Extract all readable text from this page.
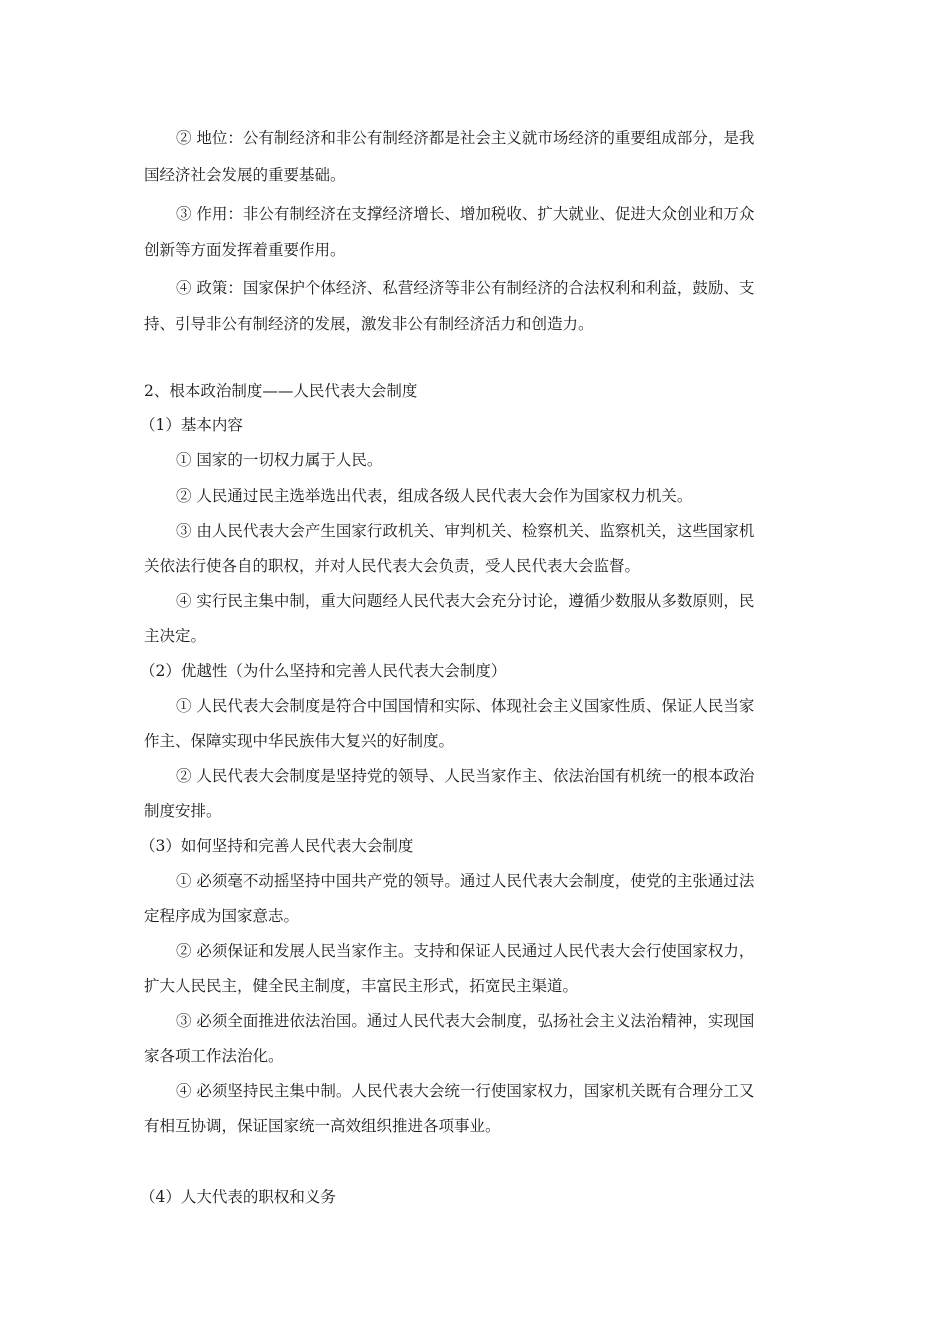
② 地位：公有制经济和非公有制经济都是社会主义就市场经济的重要组成部分，是我
国经济社会发展的重要基础。
③ 作用：非公有制经济在支撑经济增长、增加税收、扩大就业、促进大众创业和万众
创新等方面发挥着重要作用。
④ 政策：国家保护个体经济、私营经济等非公有制经济的合法权利和利益，鼓励、支
持、引导非公有制经济的发展，激发非公有制经济活力和创造力。
2、根本政治制度——人民代表大会制度
（1）基本内容
① 国家的一切权力属于人民。
② 人民通过民主选举选出代表，组成各级人民代表大会作为国家权力机关。
③ 由人民代表大会产生国家行政机关、审判机关、检察机关、监察机关，这些国家机
关依法行使各自的职权，并对人民代表大会负责，受人民代表大会监督。
④ 实行民主集中制，重大问题经人民代表大会充分讨论，遵循少数服从多数原则，民
主决定。
（2）优越性（为什么坚持和完善人民代表大会制度）
① 人民代表大会制度是符合中国国情和实际、体现社会主义国家性质、保证人民当家
作主、保障实现中华民族伟大复兴的好制度。
② 人民代表大会制度是坚持党的领导、人民当家作主、依法治国有机统一的根本政治
制度安排。
（3）如何坚持和完善人民代表大会制度
① 必须毫不动摇坚持中国共产党的领导。通过人民代表大会制度，使党的主张通过法
定程序成为国家意志。
② 必须保证和发展人民当家作主。支持和保证人民通过人民代表大会行使国家权力，
扩大人民民主，健全民主制度，丰富民主形式，拓宽民主渠道。
③ 必须全面推进依法治国。通过人民代表大会制度，弘扬社会主义法治精神，实现国
家各项工作法治化。
④ 必须坚持民主集中制。人民代表大会统一行使国家权力，国家机关既有合理分工又
有相互协调，保证国家统一高效组织推进各项事业。
（4）人大代表的职权和义务
